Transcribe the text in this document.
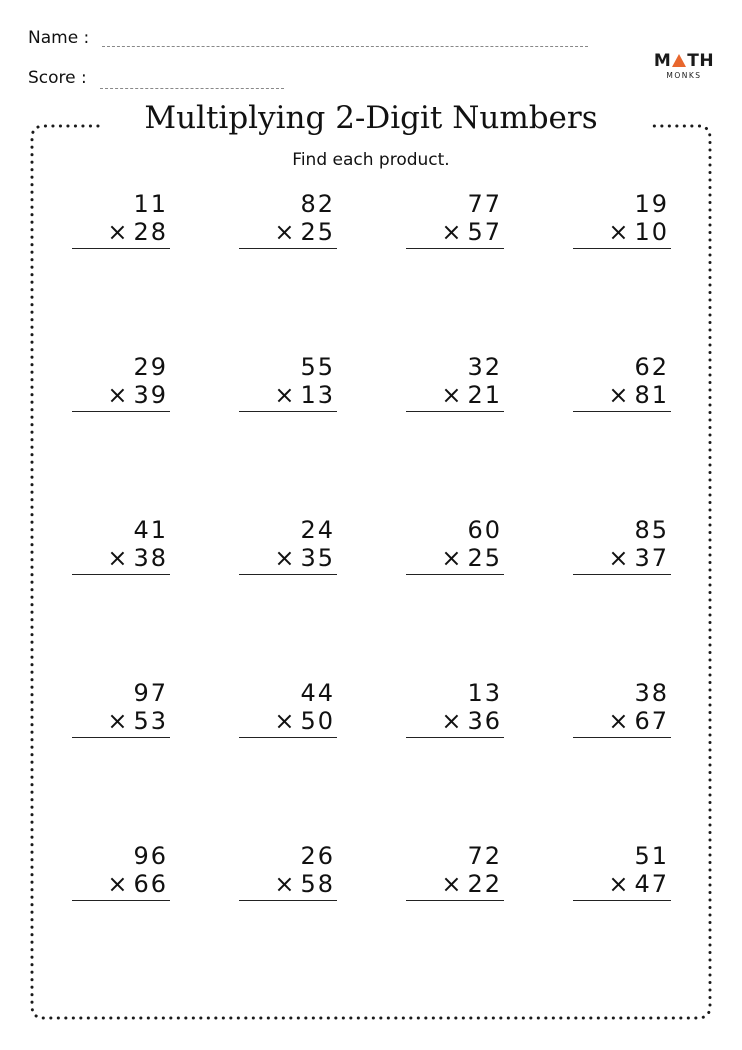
Name :
Score :
M TH
MONKS
Multiplying 2-Digit Numbers
Find each product.
11
× 28
82
× 25
77
× 57
19
× 10
29
× 39
55
× 13
32
× 21
62
× 81
41
× 38
24
× 35
60
× 25
85
× 37
97
× 53
44
× 50
13
× 36
38
× 67
96
× 66
26
× 58
72
× 22
51
× 47
